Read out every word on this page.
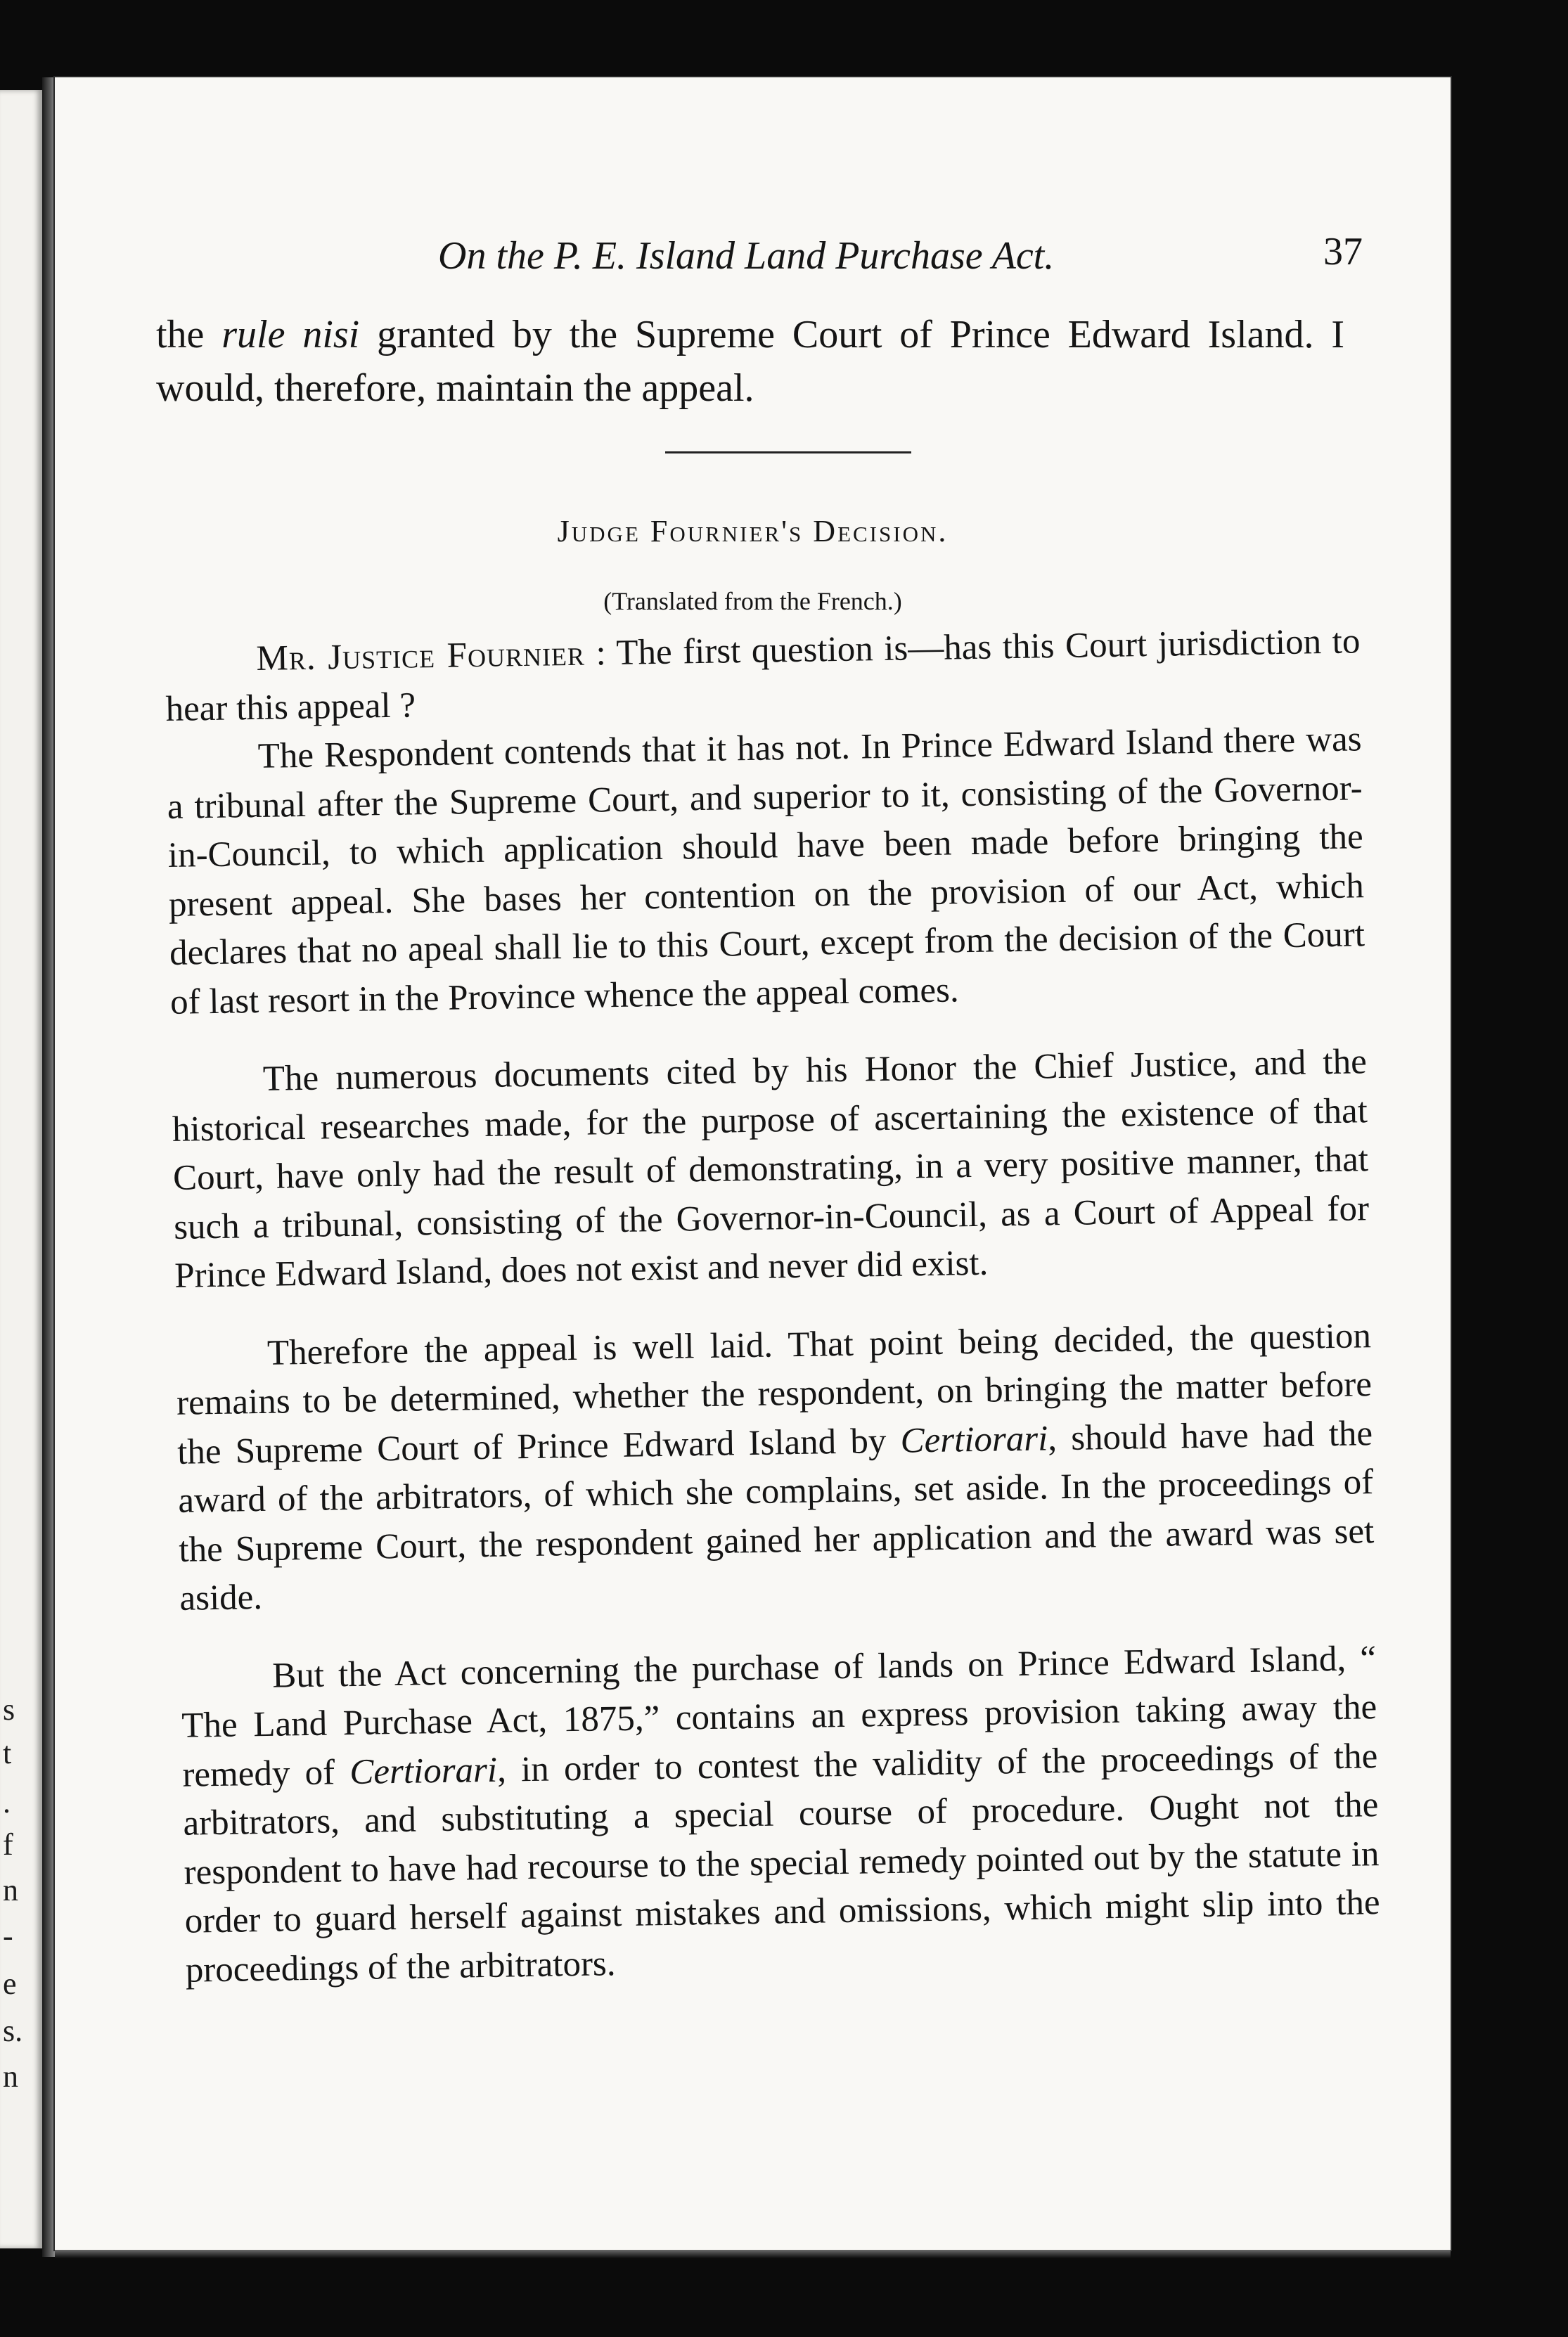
s
t
.
f
n
-
e
s.
n
On the P. E. Island Land Purchase Act.	37
the rule nisi granted by the Supreme Court of Prince Edward Island. I would, therefore, maintain the appeal.
Judge Fournier's Decision.
(Translated from the French.)

Mr. Justice Fournier : The first question is—has this Court jurisdiction to hear this appeal ?

The Respondent contends that it has not. In Prince Edward Island there was a tribunal after the Supreme Court, and superior to it, consisting of the Governor-in-Council, to which application should have been made before bringing the present appeal. She bases her contention on the provision of our Act, which declares that no apeal shall lie to this Court, except from the decision of the Court of last resort in the Province whence the appeal comes.

The numerous documents cited by his Honor the Chief Justice, and the historical researches made, for the purpose of ascertaining the existence of that Court, have only had the result of demonstrating, in a very positive manner, that such a tribunal, consisting of the Governor-in-Council, as a Court of Appeal for Prince Edward Island, does not exist and never did exist.

Therefore the appeal is well laid. That point being decided, the question remains to be determined, whether the respondent, on bringing the matter before the Supreme Court of Prince Edward Island by Certiorari, should have had the award of the arbitrators, of which she complains, set aside. In the proceedings of the Supreme Court, the respondent gained her application and the award was set aside.

But the Act concerning the purchase of lands on Prince Edward Island, “ The Land Purchase Act, 1875,” contains an express provision taking away the remedy of Certiorari, in order to contest the validity of the proceedings of the arbitrators, and substituting a special course of procedure. Ought not the respondent to have had recourse to the special remedy pointed out by the statute in order to guard herself against mistakes and omissions, which might slip into the proceedings of the arbitrators.
